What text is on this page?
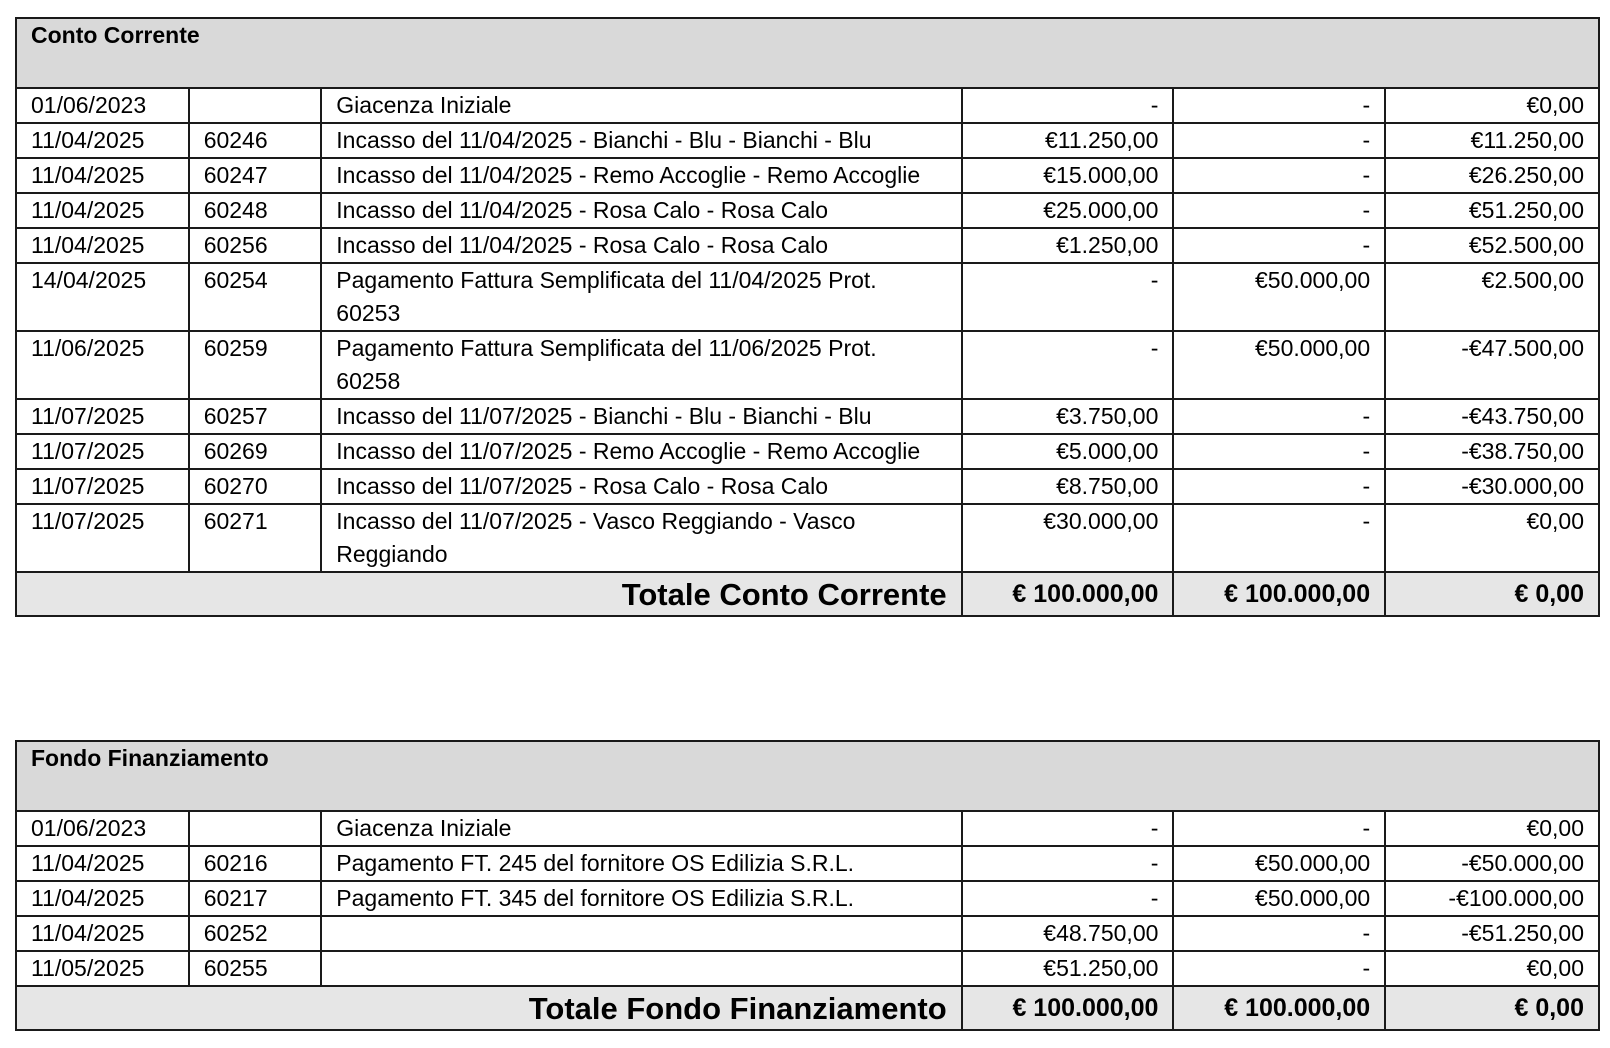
Conto Corrente					
01/06/2023		Giacenza Iniziale	-	-	€0,00
11/04/2025	60246	Incasso del 11/04/2025 - Bianchi - Blu - Bianchi - Blu	€11.250,00	-	€11.250,00
11/04/2025	60247	Incasso del 11/04/2025 - Remo Accoglie - Remo Accoglie	€15.000,00	-	€26.250,00
11/04/2025	60248	Incasso del 11/04/2025 - Rosa Calo - Rosa Calo	€25.000,00	-	€51.250,00
11/04/2025	60256	Incasso del 11/04/2025 - Rosa Calo - Rosa Calo	€1.250,00	-	€52.500,00
14/04/2025	60254	Pagamento Fattura Semplificata del 11/04/2025 Prot. 60253	-	€50.000,00	€2.500,00
11/06/2025	60259	Pagamento Fattura Semplificata del 11/06/2025 Prot. 60258	-	€50.000,00	-€47.500,00
11/07/2025	60257	Incasso del 11/07/2025 - Bianchi - Blu - Bianchi - Blu	€3.750,00	-	-€43.750,00
11/07/2025	60269	Incasso del 11/07/2025 - Remo Accoglie - Remo Accoglie	€5.000,00	-	-€38.750,00
11/07/2025	60270	Incasso del 11/07/2025 - Rosa Calo - Rosa Calo	€8.750,00	-	-€30.000,00
11/07/2025	60271	Incasso del 11/07/2025 - Vasco Reggiando - Vasco Reggiando	€30.000,00	-	€0,00
Totale Conto Corrente			€ 100.000,00	€ 100.000,00	€ 0,00
Fondo Finanziamento					
01/06/2023		Giacenza Iniziale	-	-	€0,00
11/04/2025	60216	Pagamento FT. 245 del fornitore OS Edilizia S.R.L.	-	€50.000,00	-€50.000,00
11/04/2025	60217	Pagamento FT. 345 del fornitore OS Edilizia S.R.L.	-	€50.000,00	-€100.000,00
11/04/2025	60252		€48.750,00	-	-€51.250,00
11/05/2025	60255		€51.250,00	-	€0,00
Totale Fondo Finanziamento			€ 100.000,00	€ 100.000,00	€ 0,00
